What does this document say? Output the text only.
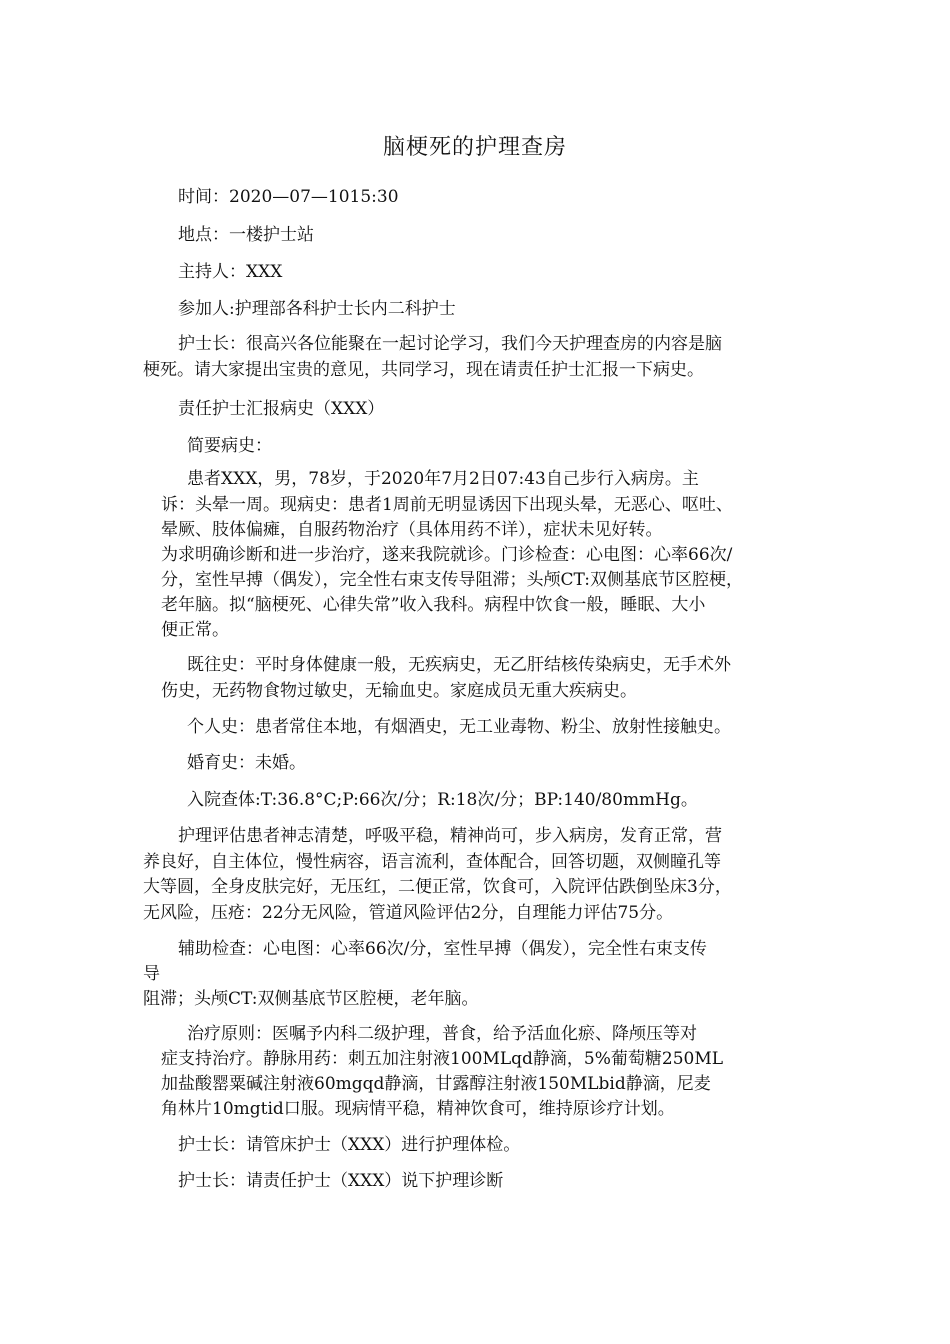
脑梗死的护理查房
时间：2020—07—1015:30
地点：一楼护士站
主持人：XXX
参加人:护理部各科护士长内二科护士
护士长：很高兴各位能聚在一起讨论学习，我们今天护理查房的内容是脑
梗死。请大家提出宝贵的意见，共同学习，现在请责任护士汇报一下病史。
责任护士汇报病史（XXX）
简要病史：
患者XXX，男，78岁，于2020年7月2日07:43自己步行入病房。主
诉：头晕一周。现病史：患者1周前无明显诱因下出现头晕，无恶心、呕吐、
晕厥、肢体偏瘫，自服药物治疗（具体用药不详），症状未见好转。
为求明确诊断和进一步治疗，遂来我院就诊。门诊检查：心电图：心率66次/
分，室性早搏（偶发），完全性右束支传导阻滞；头颅CT:双侧基底节区腔梗，
老年脑。拟“脑梗死、心律失常”收入我科。病程中饮食一般，睡眠、大小
便正常。
既往史：平时身体健康一般，无疾病史，无乙肝结核传染病史，无手术外
伤史，无药物食物过敏史，无输血史。家庭成员无重大疾病史。
个人史：患者常住本地，有烟酒史，无工业毒物、粉尘、放射性接触史。
婚育史：未婚。
入院查体:T:36.8°C;P:66次/分；R:18次/分；BP:140/80mmHg。
护理评估患者神志清楚，呼吸平稳，精神尚可，步入病房，发育正常，营
养良好，自主体位，慢性病容，语言流利，查体配合，回答切题，双侧瞳孔等
大等圆，全身皮肤完好，无压红，二便正常，饮食可，入院评估跌倒坠床3分，
无风险，压疮：22分无风险，管道风险评估2分，自理能力评估75分。
辅助检查：心电图：心率66次/分，室性早搏（偶发），完全性右束支传
导
阻滞；头颅CT:双侧基底节区腔梗，老年脑。
治疗原则：医嘱予内科二级护理，普食，给予活血化瘀、降颅压等对
症支持治疗。静脉用药：刺五加注射液100MLqd静滴，5%葡萄糖250ML
加盐酸罂粟碱注射液60mgqd静滴，甘露醇注射液150MLbid静滴，尼麦
角林片10mgtid口服。现病情平稳，精神饮食可，维持原诊疗计划。
护士长：请管床护士（XXX）进行护理体检。
护士长：请责任护士（XXX）说下护理诊断
